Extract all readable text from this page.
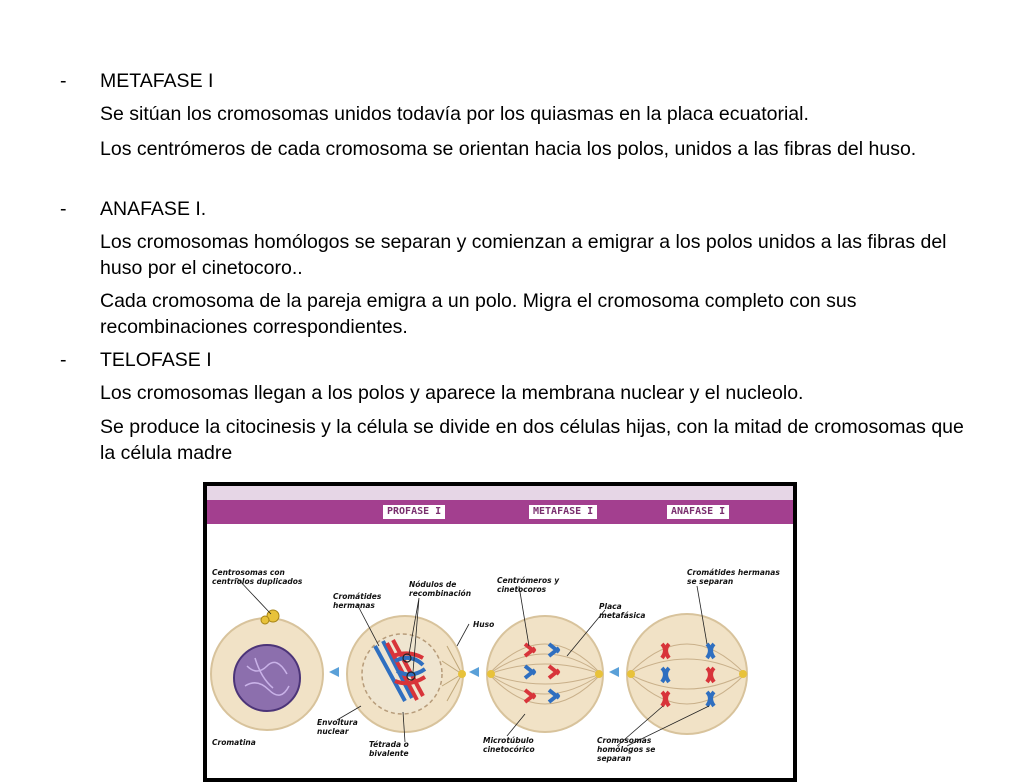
- METAFASE I
Se sitúan los cromosomas unidos todavía por los quiasmas en la placa ecuatorial.
Los centrómeros de cada cromosoma se orientan hacia los polos, unidos a las fibras del huso.
- ANAFASE I.
Los cromosomas homólogos se separan y comienzan a emigrar a los polos unidos a las fibras del huso por el cinetocoro..
Cada cromosoma de la pareja emigra a un polo. Migra el cromosoma completo con sus recombinaciones correspondientes.
- TELOFASE I
Los cromosomas llegan a los polos y aparece la membrana nuclear y el nucleolo.
Se produce la citocinesis y la célula se divide en dos células hijas, con la mitad de cromosomas que la célula madre
PROFASE I	METAFASE I	ANAFASE I
Centrosomas con
centriolos duplicados
Cromátides
hermanas
Nódulos de
recombinación
Huso
Centrómeros y
cinetocoros
Placa
metafásica
Cromátides hermanas
se separan
Envoltura
nuclear
Cromatina	Tétrada o
bivalente
Microtúbulo
cinetocórico
Cromosomas
homólogos se
separan
